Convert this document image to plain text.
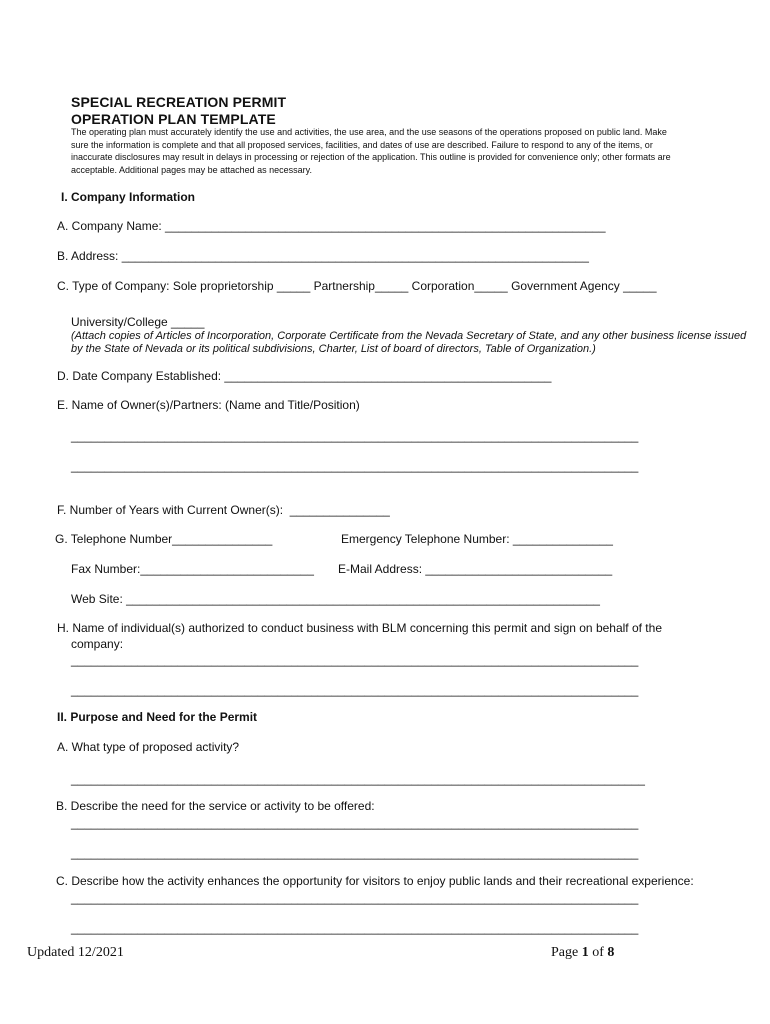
SPECIAL RECREATION PERMIT
OPERATION PLAN TEMPLATE
The operating plan must accurately identify the use and activities, the use area, and the use seasons of the operations proposed on public land. Make sure the information is complete and that all proposed services, facilities, and dates of use are described. Failure to respond to any of the items, or inaccurate disclosures may result in delays in processing or rejection of the application. This outline is provided for convenience only; other formats are acceptable. Additional pages may be attached as necessary.
I. Company Information
A. Company Name: __________________________________________________________________
B. Address: ______________________________________________________________________
C. Type of Company: Sole proprietorship _____ Partnership_____ Corporation_____ Government Agency _____
University/College _____
(Attach copies of Articles of Incorporation, Corporate Certificate from the Nevada Secretary of State, and any other business license issued by the State of Nevada or its political subdivisions, Charter, List of board of directors, Table of Organization.)
D. Date Company Established: _________________________________________________
E. Name of Owner(s)/Partners: (Name and Title/Position)
_____________________________________________________________________________________
_____________________________________________________________________________________
F. Number of Years with Current Owner(s):  _______________
G. Telephone Number_______________	Emergency Telephone Number: _______________
Fax Number:__________________________ E-Mail Address: ____________________________
Web Site: _______________________________________________________________________
H. Name of individual(s) authorized to conduct business with BLM concerning this permit and sign on behalf of the
company:
_____________________________________________________________________________________
_____________________________________________________________________________________
II. Purpose and Need for the Permit
A. What type of proposed activity?
______________________________________________________________________________________
B. Describe the need for the service or activity to be offered:
_____________________________________________________________________________________
_____________________________________________________________________________________
C. Describe how the activity enhances the opportunity for visitors to enjoy public lands and their recreational experience:
_____________________________________________________________________________________
_____________________________________________________________________________________
Updated 12/2021	Page 1 of 8
